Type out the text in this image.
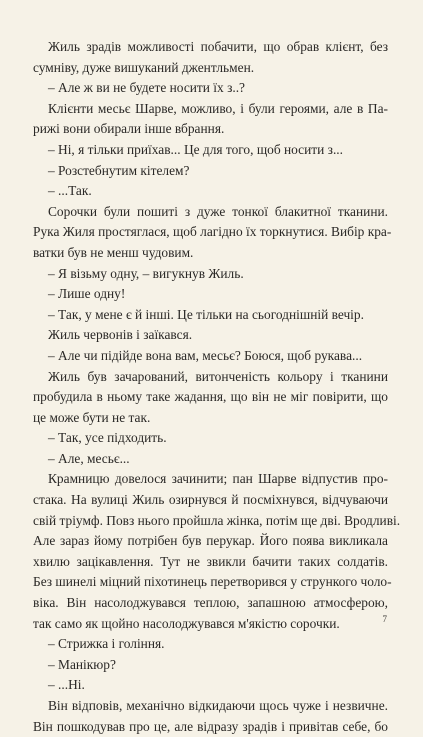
Жиль зрадів можливості побачити, що обрав клієнт, без
сумніву, дуже вишуканий джентльмен.
– Але ж ви не будете носити їх з..?
Клієнти месьє Шарве, можливо, і були героями, але в Па-
рижі вони обирали інше вбрання.
– Ні, я тільки приїхав... Це для того, щоб носити з...
– Розстебнутим кітелем?
– ...Так.
Сорочки були пошиті з дуже тонкої блакитної тканини.
Рука Жиля простяглася, щоб лагідно їх торкнутися. Вибір кра-
ватки був не менш чудовим.
– Я візьму одну, – вигукнув Жиль.
– Лише одну!
– Так, у мене є й інші. Це тільки на сьогоднішній вечір.
Жиль червонів і заїкався.
– Але чи підійде вона вам, месьє? Боюся, щоб рукава...
Жиль був зачарований, витонченість кольору і тканини
пробудила в ньому таке жадання, що він не міг повірити, що
це може бути не так.
– Так, усе підходить.
– Але, месьє...
Крамницю довелося зачинити; пан Шарве відпустив про-
стака. На вулиці Жиль озирнувся й посміхнувся, відчуваючи
свій тріумф. Повз нього пройшла жінка, потім ще дві. Вродливі.
Але зараз йому потрібен був перукар. Його поява викликала
хвилю зацікавлення. Тут не звикли бачити таких солдатів.
Без шинелі міцний піхотинець перетворився у стрункого чоло-
віка. Він насолоджувався теплою, запашною атмосферою,
так само як щойно насолоджувався м'якістю сорочки.
– Стрижка і гоління.
– Манікюр?
– ...Ні.
Він відповів, механічно відкидаючи щось чуже і незвичне.
Він пошкодував про це, але відразу зрадів і привітав себе, бо
7
